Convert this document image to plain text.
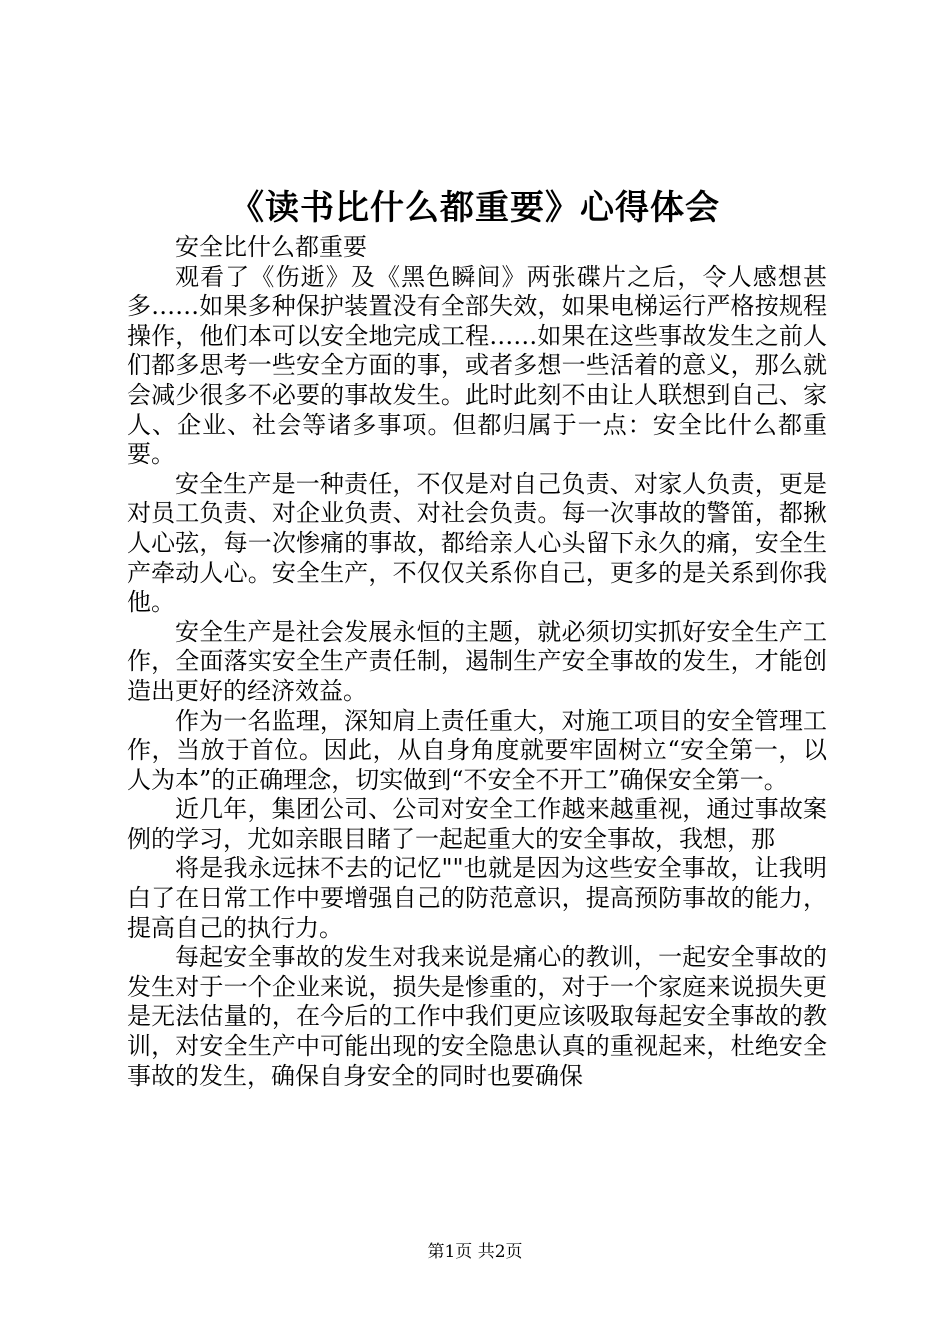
《读书比什么都重要》心得体会

安全比什么都重要

观看了《伤逝》及《黑色瞬间》两张碟片之后，令人感想甚多……如果多种保护装置没有全部失效，如果电梯运行严格按规程操作，他们本可以安全地完成工程……如果在这些事故发生之前人们都多思考一些安全方面的事，或者多想一些活着的意义，那么就会减少很多不必要的事故发生。此时此刻不由让人联想到自己、家人、企业、社会等诸多事项。但都归属于一点：安全比什么都重要。

安全生产是一种责任，不仅是对自己负责、对家人负责，更是对员工负责、对企业负责、对社会负责。每一次事故的警笛，都揪人心弦，每一次惨痛的事故，都给亲人心头留下永久的痛，安全生产牵动人心。安全生产，不仅仅关系你自己，更多的是关系到你我他。

安全生产是社会发展永恒的主题，就必须切实抓好安全生产工作，全面落实安全生产责任制，遏制生产安全事故的发生，才能创造出更好的经济效益。

作为一名监理，深知肩上责任重大，对施工项目的安全管理工作，当放于首位。因此，从自身角度就要牢固树立“安全第一，以人为本”的正确理念，切实做到“不安全不开工”确保安全第一。

近几年，集团公司、公司对安全工作越来越重视，通过事故案例的学习，尤如亲眼目睹了一起起重大的安全事故，我想，那

将是我永远抹不去的记忆""也就是因为这些安全事故，让我明白了在日常工作中要增强自己的防范意识，提高预防事故的能力，提高自己的执行力。

每起安全事故的发生对我来说是痛心的教训，一起安全事故的发生对于一个企业来说，损失是惨重的，对于一个家庭来说损失更是无法估量的，在今后的工作中我们更应该吸取每起安全事故的教训，对安全生产中可能出现的安全隐患认真的重视起来，杜绝安全事故的发生，确保自身安全的同时也要确保

第1页 共2页
